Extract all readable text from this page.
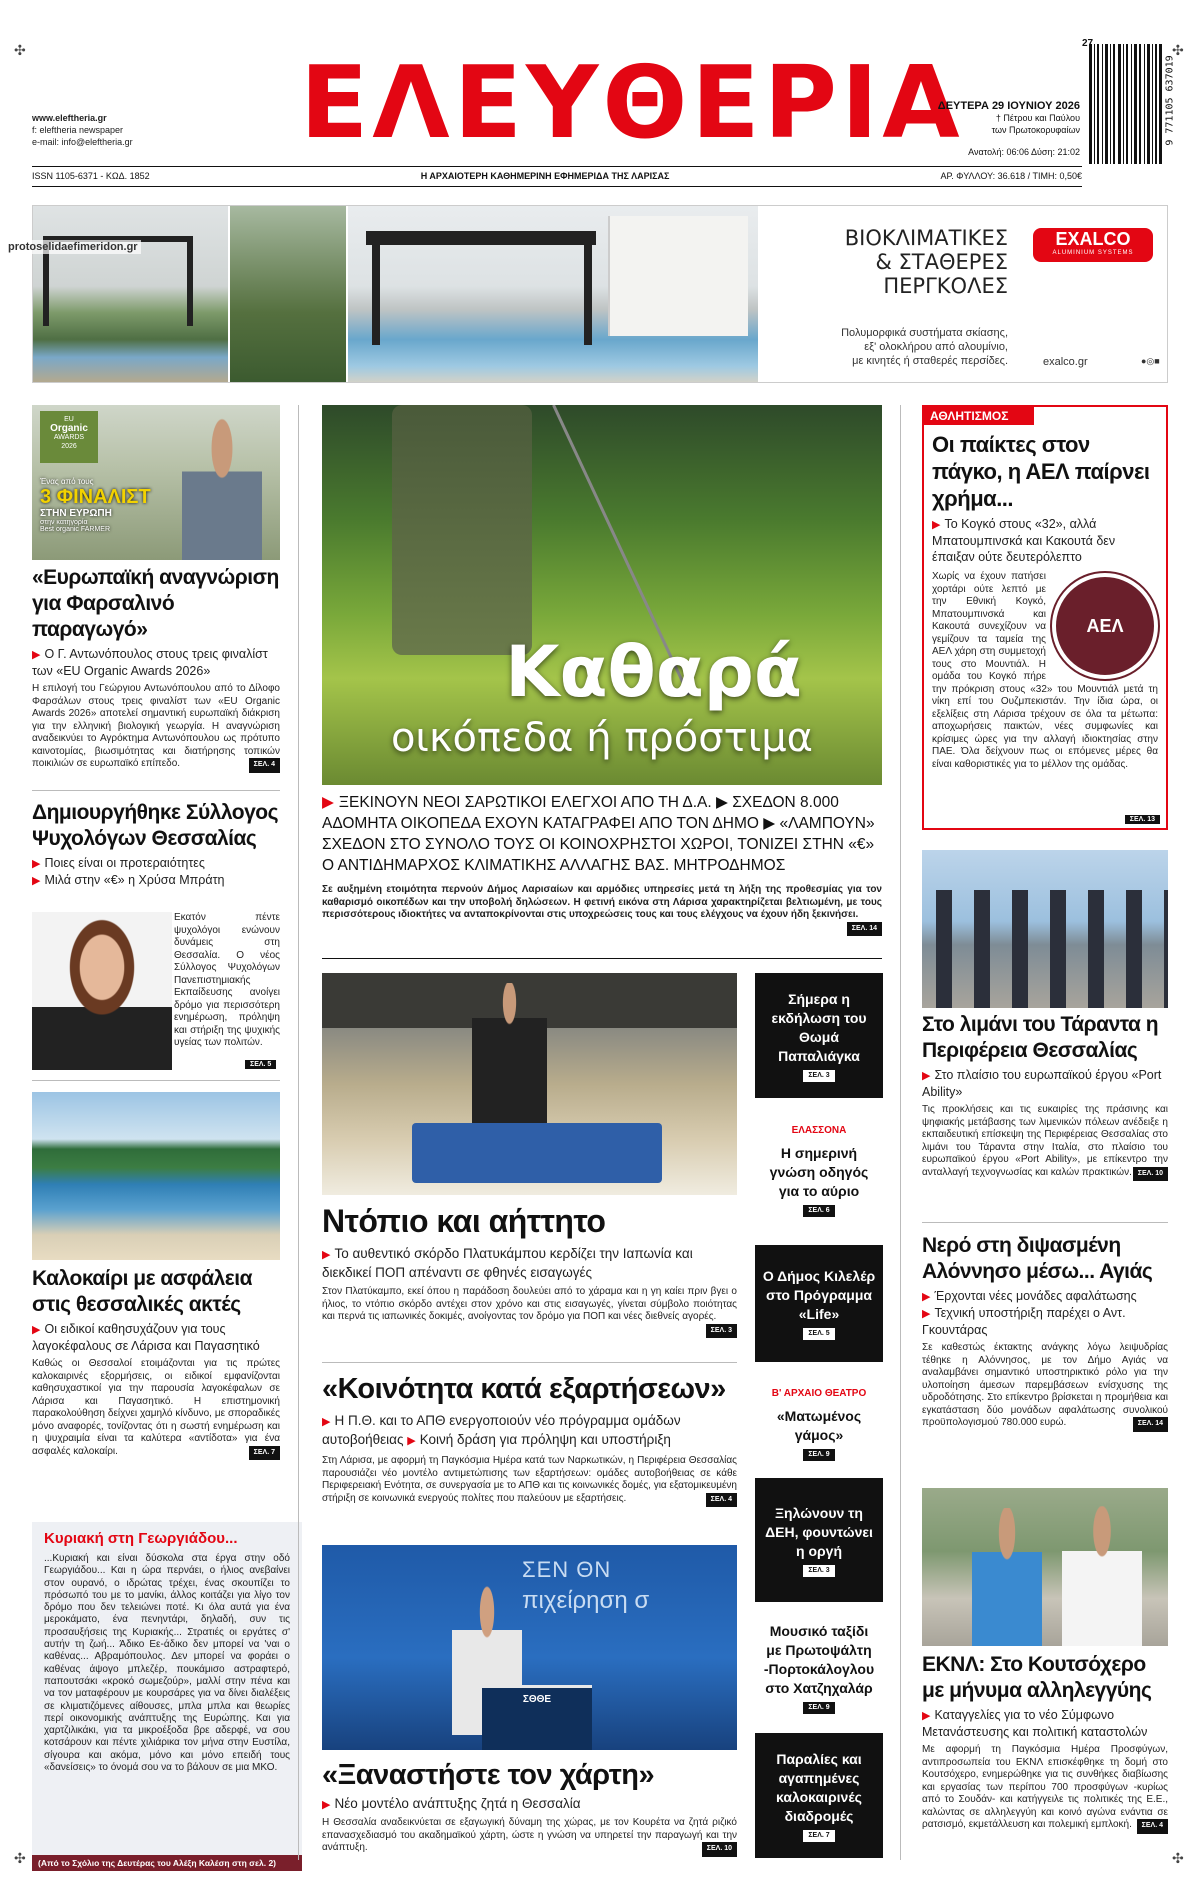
✣	✣
✣	✣
ΕΛΕΥΘΕΡΙΑ
www.eleftheria.gr
f: eleftheria newspaper
e-mail: info@eleftheria.gr
ΔΕΥΤΕΡΑ 29 ΙΟΥΝΙΟΥ 2026
† Πέτρου και Παύλου
των Πρωτοκορυφαίων
Ανατολή: 06:06 Δύση: 21:02
27
9 771105 637019
ISSN 1105-6371 - ΚΩΔ. 1852	Η ΑΡΧΑΙΟΤΕΡΗ ΚΑΘΗΜΕΡΙΝΗ ΕΦΗΜΕΡΙΔΑ ΤΗΣ ΛΑΡΙΣΑΣ	ΑΡ. ΦΥΛΛΟΥ: 36.618 / ΤΙΜΗ: 0,50€
ΒΙΟΚΛΙΜΑΤΙΚΕΣ
& ΣΤΑΘΕΡΕΣ
ΠΕΡΓΚΟΛΕΣ
EXALCO
ALUMINIUM SYSTEMS
Πολυμορφικά συστήματα σκίασης,
εξ' ολοκλήρου από αλουμίνιο,
με κινητές ή σταθερές περσίδες.	exalco.gr	●◎■
protoselidaefimeridon.gr
EU
Organic
AWARDS
2026
Ένας από τους
3 ΦΙΝΑΛΙΣΤ
ΣΤΗΝ ΕΥΡΩΠΗ
στην κατηγορία
Best organic FARMER
«Ευρωπαϊκή αναγνώριση για Φαρσαλινό παραγωγό»
▶ Ο Γ. Αντωνόπουλος στους τρεις φιναλίστ των «EU Organic Awards 2026»
Η επιλογή του Γεώργιου Αντωνόπουλου από το Δίλοφο Φαρσάλων στους τρεις φιναλίστ των «EU Organic Awards 2026» αποτελεί σημαντική ευρωπαϊκή διάκριση για την ελληνική βιολογική γεωργία. Η αναγνώριση αναδεικνύει το Αγρόκτημα Αντωνόπουλου ως πρότυπο καινοτομίας, βιωσιμότητας και διατήρησης τοπικών ποικιλιών σε ευρωπαϊκό επίπεδο.	ΣΕΛ. 4
Δημιουργήθηκε Σύλλογος Ψυχολόγων Θεσσαλίας
▶ Ποιες είναι οι προτεραιότητες
▶ Μιλά στην «€» η Χρύσα Μπράτη
Εκατόν πέντε ψυχολόγοι ενώνουν δυνάμεις στη Θεσσαλία. Ο νέος Σύλλογος Ψυχολόγων Πανεπιστημιακής Εκπαίδευσης ανοίγει δρόμο για περισσότερη ενημέρωση, πρόληψη και στήριξη της ψυχικής υγείας των πολιτών.
ΣΕΛ. 5
Καλοκαίρι με ασφάλεια στις θεσσαλικές ακτές
▶ Οι ειδικοί καθησυχάζουν για τους λαγοκέφαλους σε Λάρισα και Παγασητικό
Καθώς οι Θεσσαλοί ετοιμάζονται για τις πρώτες καλοκαιρινές εξορμήσεις, οι ειδικοί εμφανίζονται καθησυχαστικοί για την παρουσία λαγοκέφαλων σε Λάρισα και Παγασητικό. Η επιστημονική παρακολούθηση δείχνει χαμηλό κίνδυνο, με σποραδικές μόνο αναφορές, τονίζοντας ότι η σωστή ενημέρωση και η ψυχραιμία είναι τα καλύτερα «αντίδοτα» για ένα ασφαλές καλοκαίρι.	ΣΕΛ. 7
Κυριακή στη Γεωργιάδου...
...Κυριακή και είναι δύσκολα στα έργα στην οδό Γεωργιάδου... Και η ώρα περνάει, ο ήλιος ανεβαίνει στον ουρανό, ο ιδρώτας τρέχει, ένας σκουπίζει το πρόσωπό του με το μανίκι, άλλος κοιτάζει για λίγο τον δρόμο που δεν τελειώνει ποτέ. Κι όλα αυτά για ένα μεροκάματο, ένα πενηντάρι, δηλαδή, συν τις προσαυξήσεις της Κυριακής... Στρατιές οι εργάτες σ' αυτήν τη ζωή... Άδικο Εε-άδικο δεν μπορεί να 'ναι ο καθένας... Αβραμόπουλος. Δεν μπορεί να φοράει ο καθένας άψογο μπλεζέρ, πουκάμισο αστραφτερό, παπουτσάκι «κροκό σωμεζούρ», μαλλί στην πένα και να τον ματαφέρουν με κουρσάρες για να δίνει διαλέξεις σε κλιματιζόμενες αίθουσες, μπλα μπλα και θεωρίες περί οικονομικής ανάπτυξης της Ευρώπης. Και για χαρτζιλικάκι, για τα μικροέξοδα βρε αδερφέ, να σου κοτσάρουν και πέντε χιλιάρικα τον μήνα στην Ευστίλα, σίγουρα και ακόμα, μόνο και μόνο επειδή τους «δανείσεις» το όνομά σου να το βάλουν σε μια ΜΚΟ.
(Από το Σχόλιο της Δευτέρας του Αλέξη Καλέση στη σελ. 2)
Καθαρά
οικόπεδα ή πρόστιμα
▶ ΞΕΚΙΝΟΥΝ ΝΕΟΙ ΣΑΡΩΤΙΚΟΙ ΕΛΕΓΧΟΙ ΑΠΟ ΤΗ Δ.Α. ▶ ΣΧΕΔΟΝ 8.000 ΑΔΟΜΗΤΑ ΟΙΚΟΠΕΔΑ ΕΧΟΥΝ ΚΑΤΑΓΡΑΦΕΙ ΑΠΟ ΤΟΝ ΔΗΜΟ ▶ «ΛΑΜΠΟΥΝ» ΣΧΕΔΟΝ ΣΤΟ ΣΥΝΟΛΟ ΤΟΥΣ ΟΙ ΚΟΙΝΟΧΡΗΣΤΟΙ ΧΩΡΟΙ, ΤΟΝΙΖΕΙ ΣΤΗΝ «€» Ο ΑΝΤΙΔΗΜΑΡΧΟΣ ΚΛΙΜΑΤΙΚΗΣ ΑΛΛΑΓΗΣ ΒΑΣ. ΜΗΤΡΟΔΗΜΟΣ
Σε αυξημένη ετοιμότητα περνούν Δήμος Λαρισαίων και αρμόδιες υπηρεσίες μετά τη λήξη της προθεσμίας για τον καθαρισμό οικοπέδων και την υποβολή δηλώσεων. Η φετινή εικόνα στη Λάρισα χαρακτηρίζεται βελτιωμένη, με τους περισσότερους ιδιοκτήτες να ανταποκρίνονται στις υποχρεώσεις τους και τους ελέγχους να έχουν ήδη ξεκινήσει.
ΣΕΛ. 14
Ντόπιο και αήττητο
▶ Το αυθεντικό σκόρδο Πλατυκάμπου κερδίζει την Ιαπωνία και διεκδικεί ΠΟΠ απέναντι σε φθηνές εισαγωγές
Στον Πλατύκαμπο, εκεί όπου η παράδοση δουλεύει από το χάραμα και η γη καίει πριν βγει ο ήλιος, το ντόπιο σκόρδο αντέχει στον χρόνο και στις εισαγωγές, γίνεται σύμβολο ποιότητας και περνά τις ιαπωνικές δοκιμές, ανοίγοντας τον δρόμο για ΠΟΠ και νέες διεθνείς αγορές.
ΣΕΛ. 3
«Κοινότητα κατά εξαρτήσεων»
▶ Η Π.Θ. και το ΑΠΘ ενεργοποιούν νέο πρόγραμμα ομάδων αυτοβοήθειας ▶ Κοινή δράση για πρόληψη και υποστήριξη
Στη Λάρισα, με αφορμή τη Παγκόσμια Ημέρα κατά των Ναρκωτικών, η Περιφέρεια Θεσσαλίας παρουσιάζει νέο μοντέλο αντιμετώπισης των εξαρτήσεων: ομάδες αυτοβοήθειας σε κάθε Περιφερειακή Ενότητα, σε συνεργασία με το ΑΠΘ και τις κοινωνικές δομές, για εξατομικευμένη στήριξη σε κοινωνικά ενεργούς πολίτες που παλεύουν με εξαρτήσεις.	ΣΕΛ. 4
ΣΕΝ ΘΝ
πιχείρηση σ
ΣΘΘΕ
«Ξαναστήστε τον χάρτη»
▶ Νέο μοντέλο ανάπτυξης ζητά η Θεσσαλία
Η Θεσσαλία αναδεικνύεται σε εξαγωγική δύναμη της χώρας, με τον Κουρέτα να ζητά ριζικό επανασχεδιασμό του ακαδημαϊκού χάρτη, ώστε η γνώση να υπηρετεί την παραγωγή και την ανάπτυξη.	ΣΕΛ. 10
Σήμερα η εκδήλωση του Θωμά Παπαλιάγκα
ΣΕΛ. 3
ΕΛΑΣΣΟΝΑ
Η σημερινή γνώση οδηγός για το αύριο
ΣΕΛ. 6
Ο Δήμος Κιλελέρ στο Πρόγραμμα «Life»
ΣΕΛ. 5
Β' ΑΡΧΑΙΟ ΘΕΑΤΡΟ
«Ματωμένος γάμος»
ΣΕΛ. 9
Ξηλώνουν τη ΔΕΗ, φουντώνει η οργή
ΣΕΛ. 3
Μουσικό ταξίδι με Πρωτοψάλτη -Πορτοκάλογλου στο Χατζηχαλάρ
ΣΕΛ. 9
Παραλίες και αγαπημένες καλοκαιρινές διαδρομές
ΣΕΛ. 7
ΑΘΛΗΤΙΣΜΟΣ
Οι παίκτες στον πάγκο, η ΑΕΛ παίρνει χρήμα...
▶ Το Κογκό στους «32», αλλά Μπατουμπινσκά και Κακουτά δεν έπαιξαν ούτε δευτερόλεπτο
ΑΕΛ
Χωρίς να έχουν πατήσει χορτάρι ούτε λεπτό με την Εθνική Κογκό, Μπατουμπινσκά και Κακουτά συνεχίζουν να γεμίζουν τα ταμεία της ΑΕΛ χάρη στη συμμετοχή τους στο Μουντιάλ. Η ομάδα του Κογκό πήρε την πρόκριση στους «32» του Μουντιάλ μετά τη νίκη επί του Ουζμπεκιστάν. Την ίδια ώρα, οι εξελίξεις στη Λάρισα τρέχουν σε όλα τα μέτωπα: αποχωρήσεις παικτών, νέες συμφωνίες και κρίσιμες ώρες για την αλλαγή ιδιοκτησίας στην ΠΑΕ. Όλα δείχνουν πως οι επόμενες μέρες θα είναι καθοριστικές για το μέλλον της ομάδας.
ΣΕΛ. 13
Στο λιμάνι του Τάραντα η Περιφέρεια Θεσσαλίας
▶ Στο πλαίσιο του ευρωπαϊκού έργου «Port Ability»
Τις προκλήσεις και τις ευκαιρίες της πράσινης και ψηφιακής μετάβασης των λιμενικών πόλεων ανέδειξε η εκπαιδευτική επίσκεψη της Περιφέρειας Θεσσαλίας στο λιμάνι του Τάραντα στην Ιταλία, στο πλαίσιο του ευρωπαϊκού έργου «Port Ability», με επίκεντρο την ανταλλαγή τεχνογνωσίας και καλών πρακτικών. ΣΕΛ. 10
Νερό στη διψασμένη Αλόννησο μέσω... Αγιάς
▶ Έρχονται νέες μονάδες αφαλάτωσης
▶ Τεχνική υποστήριξη παρέχει ο Αντ. Γκουντάρας
Σε καθεστώς έκτακτης ανάγκης λόγω λειψυδρίας τέθηκε η Αλόννησος, με τον Δήμο Αγιάς να αναλαμβάνει σημαντικό υποστηρικτικό ρόλο για την υλοποίηση άμεσων παρεμβάσεων ενίσχυσης της υδροδότησης. Στο επίκεντρο βρίσκεται η προμήθεια και εγκατάσταση δύο μονάδων αφαλάτωσης συνολικού προϋπολογισμού 780.000 ευρώ.	ΣΕΛ. 14
ΕΚΝΛ: Στο Κουτσόχερο με μήνυμα αλληλεγγύης
▶ Καταγγελίες για το νέο Σύμφωνο Μετανάστευσης και πολιτική καταστολών
Με αφορμή τη Παγκόσμια Ημέρα Προσφύγων, αντιπροσωπεία του ΕΚΝΛ επισκέφθηκε τη δομή στο Κουτσόχερο, ενημερώθηκε για τις συνθήκες διαβίωσης και εργασίας των περίπου 700 προσφύγων -κυρίως από το Σουδάν- και κατήγγειλε τις πολιτικές της Ε.Ε., καλώντας σε αλληλεγγύη και κοινό αγώνα ενάντια σε ρατσισμό, εκμετάλλευση και πολεμική εμπλοκή.	ΣΕΛ. 4
